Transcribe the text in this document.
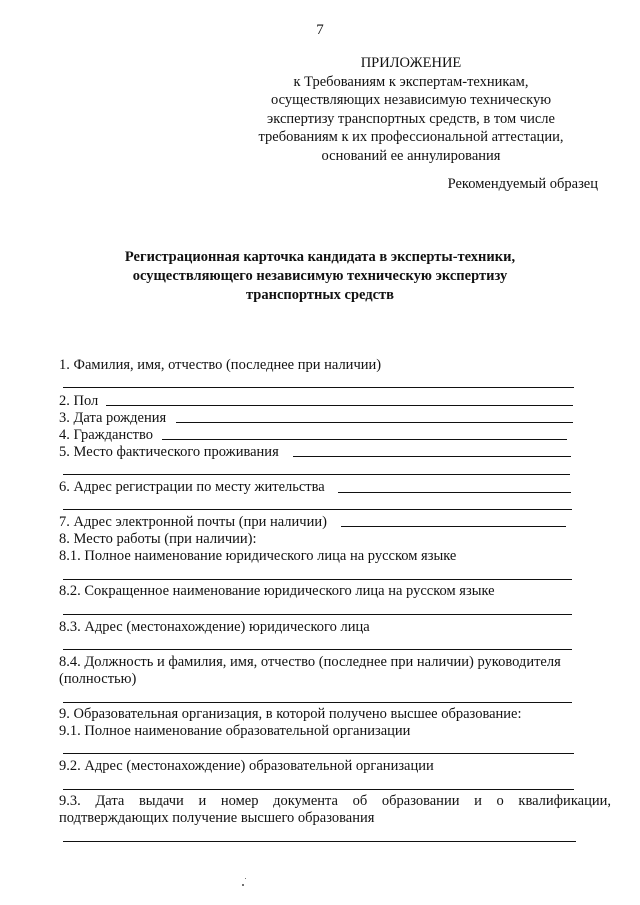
7
ПРИЛОЖЕНИЕ
к Требованиям к экспертам-техникам,
осуществляющих независимую техническую
экспертизу транспортных средств, в том числе
требованиям к их профессиональной аттестации,
оснований ее аннулирования
Рекомендуемый образец
Регистрационная карточка кандидата в эксперты-техники,
осуществляющего независимую техническую экспертизу
транспортных средств
1. Фамилия, имя, отчество (последнее при наличии)
2. Пол
3. Дата рождения
4. Гражданство
5. Место фактического проживания
6. Адрес регистрации по месту жительства
7. Адрес электронной почты (при наличии)
8. Место работы (при наличии):
8.1. Полное наименование юридического лица на русском языке
8.2. Сокращенное наименование юридического лица на русском языке
8.3. Адрес (местонахождение) юридического лица
8.4. Должность и фамилия, имя, отчество (последнее при наличии) руководителя
(полностью)
9. Образовательная организация, в которой получено высшее образование:
9.1. Полное наименование образовательной организации
9.2. Адрес (местонахождение) образовательной организации
9.3. Дата выдачи и номер документа об образовании и о квалификации,
подтверждающих получение высшего образования
